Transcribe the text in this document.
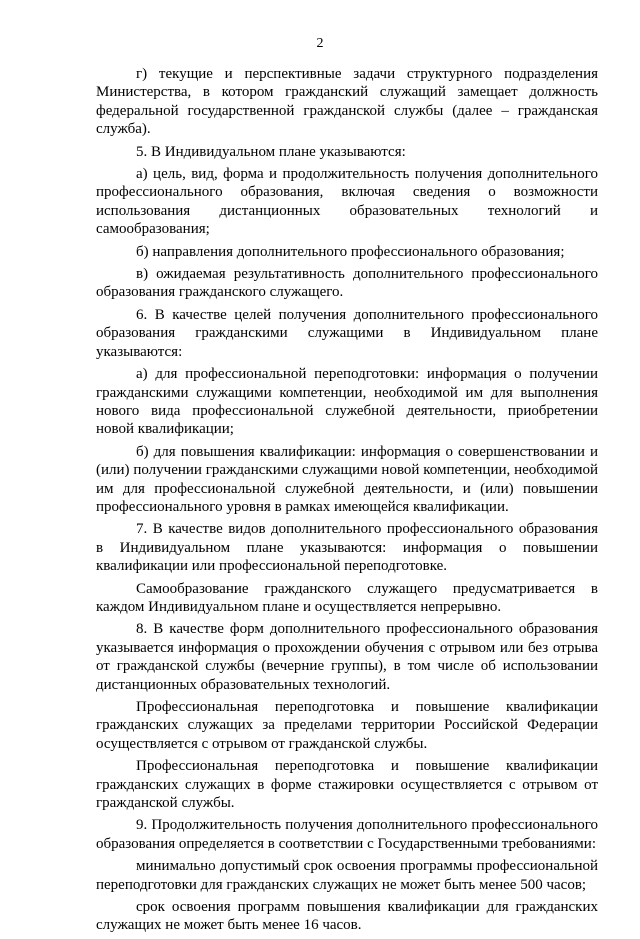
2

г) текущие и перспективные задачи структурного подразделения Министерства, в котором гражданский служащий замещает должность федеральной государственной гражданской службы (далее – гражданская служба).

5. В Индивидуальном плане указываются:

а) цель, вид, форма и продолжительность получения дополнительного профессионального образования, включая сведения о возможности использования дистанционных образовательных технологий и самообразования;

б) направления дополнительного профессионального образования;

в) ожидаемая результативность дополнительного профессионального образования гражданского служащего.

6. В качестве целей получения дополнительного профессионального образования гражданскими служащими в Индивидуальном плане указываются:

а) для профессиональной переподготовки: информация о получении гражданскими служащими компетенции, необходимой им для выполнения нового вида профессиональной служебной деятельности, приобретении новой квалификации;

б) для повышения квалификации: информация о совершенствовании и (или) получении гражданскими служащими новой компетенции, необходимой им для профессиональной служебной деятельности, и (или) повышении профессионального уровня в рамках имеющейся квалификации.

7. В качестве видов дополнительного профессионального образования в Индивидуальном плане указываются: информация о повышении квалификации или профессиональной переподготовке.

Самообразование гражданского служащего предусматривается в каждом Индивидуальном плане и осуществляется непрерывно.

8. В качестве форм дополнительного профессионального образования указывается информация о прохождении обучения с отрывом или без отрыва от гражданской службы (вечерние группы), в том числе об использовании дистанционных образовательных технологий.

Профессиональная переподготовка и повышение квалификации гражданских служащих за пределами территории Российской Федерации осуществляется с отрывом от гражданской службы.

Профессиональная переподготовка и повышение квалификации гражданских служащих в форме стажировки осуществляется с отрывом от гражданской службы.

9. Продолжительность получения дополнительного профессионального образования определяется в соответствии с Государственными требованиями:

минимально допустимый срок освоения программы профессиональной переподготовки для гражданских служащих не может быть менее 500 часов;

срок освоения программ повышения квалификации для гражданских служащих не может быть менее 16 часов.
